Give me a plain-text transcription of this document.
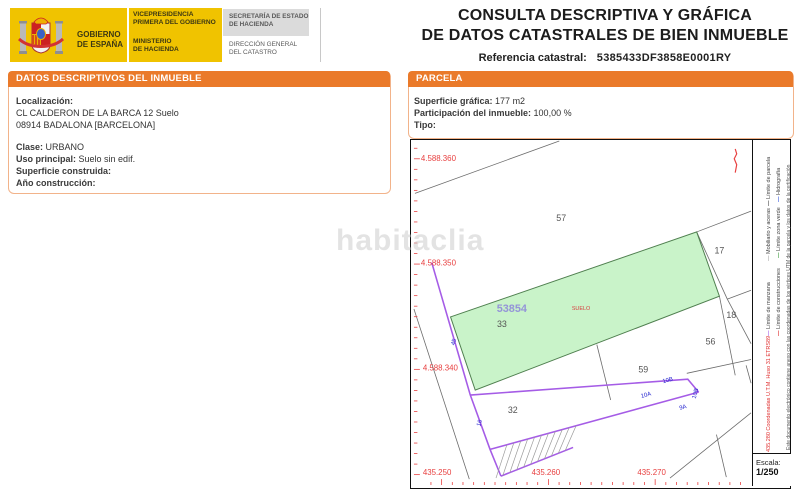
GOBIERNO
DE ESPAÑA
VICEPRESIDENCIA
PRIMERA DEL GOBIERNO
MINISTERIO
DE HACIENDA
SECRETARÍA DE ESTADO
DE HACIENDA
DIRECCIÓN GENERAL
DEL CATASTRO
CONSULTA DESCRIPTIVA Y GRÁFICA
DE DATOS CATASTRALES DE BIEN INMUEBLE
Referencia catastral: 5385433DF3858E0001RY
DATOS DESCRIPTIVOS DEL INMUEBLE
Localización:
CL CALDERON DE LA BARCA 12 Suelo
08914 BADALONA [BARCELONA]
Clase: URBANO
Uso principal: Suelo sin edif.
Superficie construida:
Año construcción:
PARCELA
Superficie gráfica: 177 m2
Participación del inmueble: 100,00 %
Tipo:
4.588.360
4.588.350
4.588.340
435.250	435.260	435.270
57
17
18
56
59
32
33
53854	SUELO
45
16
10A
10B
10B
9A
— Límite de parcela
— Mobiliario y aceras
— Límite de manzana
435.280 Coordenadas U.T.M. Huso 31 ETRS89
— Hidrografía
— Límite zona verde
— Límite de construcciones Este documento electrónico contiene anexo con las coordenadas de los vértices UTM de la parcela y los datos de la certificación
Escala:
1/250
habitaclia
